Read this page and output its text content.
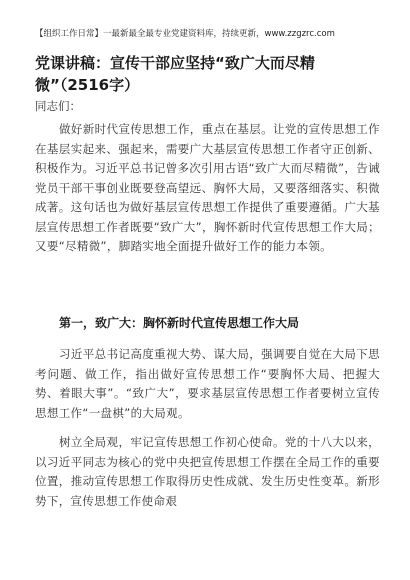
【组织工作日常】一最新最全最专业党建资料库，持续更新，www.zzgzrc.com
党课讲稿：宣传干部应坚持“致广大而尽精微”（2516字）
同志们：

做好新时代宣传思想工作，重点在基层。让党的宣传思想工作在基层实起来、强起来，需要广大基层宣传思想工作者守正创新、积极作为。习近平总书记曾多次引用古语“致广大而尽精微”，告诫党员干部干事创业既要登高望远、胸怀大局，又要落细落实、积微成著。这句话也为做好基层宣传思想工作提供了重要遵循。广大基层宣传思想工作者既要“致广大”，胸怀新时代宣传思想工作大局；又要“尽精微”，脚踏实地全面提升做好工作的能力本领。

第一，致广大：胸怀新时代宣传思想工作大局

习近平总书记高度重视大势、谋大局，强调要自觉在大局下思考问题、做工作，指出做好宣传思想工作“要胸怀大局、把握大势、着眼大事”。“致广大”，要求基层宣传思想工作者要树立宣传思想工作“一盘棋”的大局观。

树立全局观，牢记宣传思想工作初心使命。党的十八大以来，以习近平同志为核心的党中央把宣传思想工作摆在全局工作的重要位置，推动宣传思想工作取得历史性成就、发生历史性变革。新形势下，宣传思想工作使命艰
